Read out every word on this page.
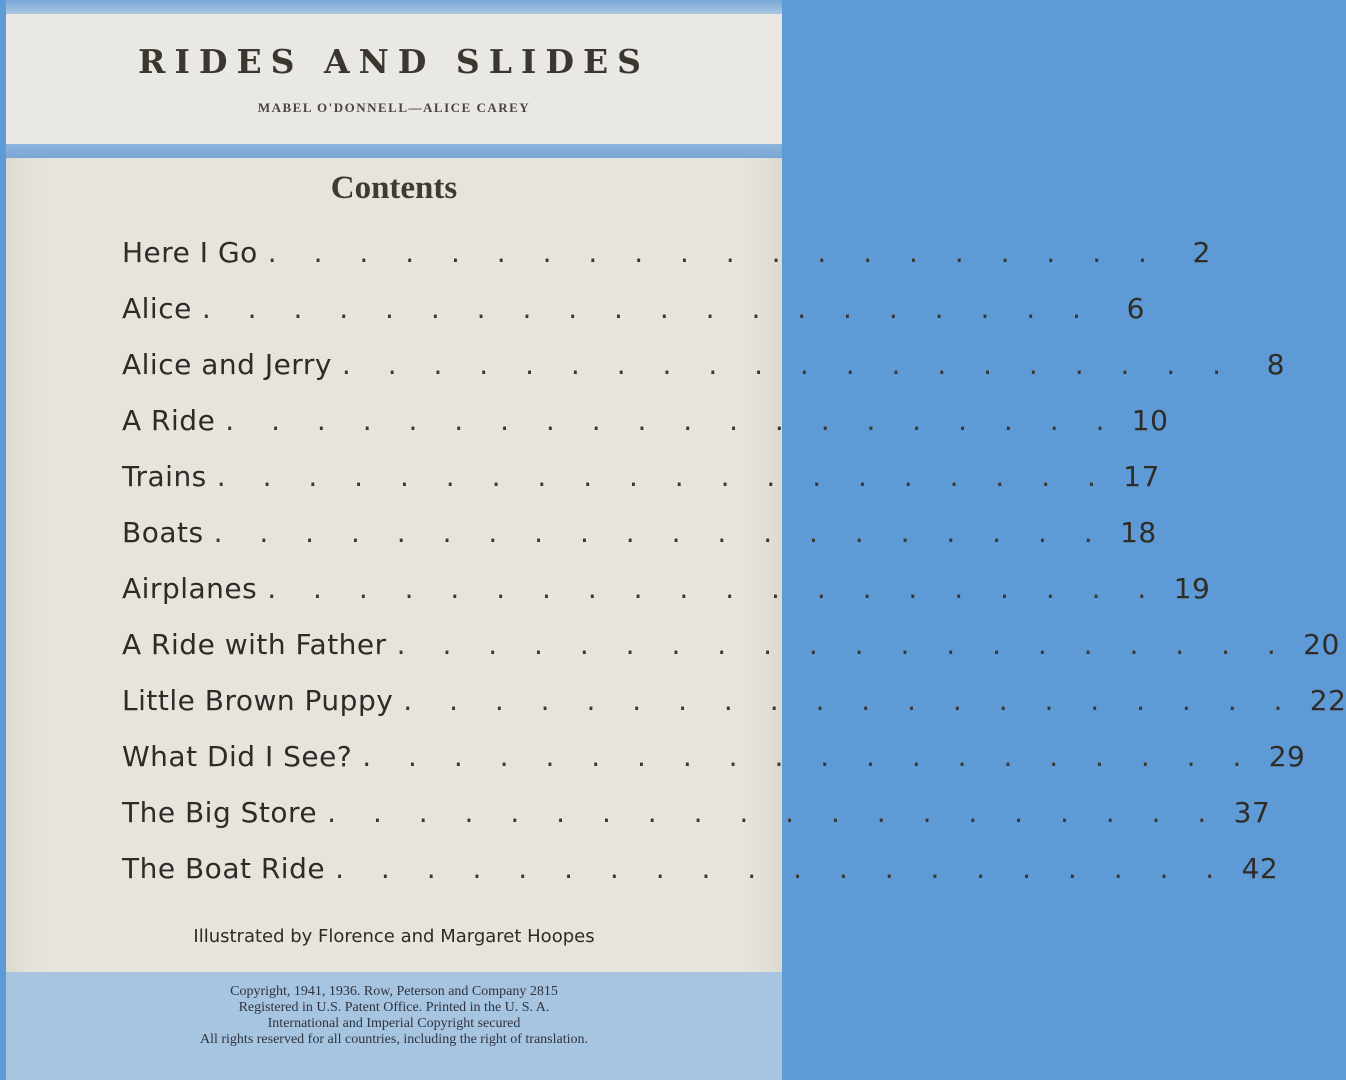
RIDES AND SLIDES
MABEL O'DONNELL—ALICE CAREY
Contents
Here I Go . . . . . . . . . . . . . . . . . . . .	2
Alice . . . . . . . . . . . . . . . . . . . .	6
Alice and Jerry . . . . . . . . . . . . . . . . . . . .	8
A Ride . . . . . . . . . . . . . . . . . . . . 10
Trains . . . . . . . . . . . . . . . . . . . . 17
Boats . . . . . . . . . . . . . . . . . . . . 18
Airplanes . . . . . . . . . . . . . . . . . . . . 19
A Ride with Father . . . . . . . . . . . . . . . . . . . . 20
Little Brown Puppy . . . . . . . . . . . . . . . . . . . . 22
What Did I See? . . . . . . . . . . . . . . . . . . . . 29
The Big Store . . . . . . . . . . . . . . . . . . . . 37
The Boat Ride . . . . . . . . . . . . . . . . . . . . 42
Illustrated by Florence and Margaret Hoopes
Copyright, 1941, 1936. Row, Peterson and Company 2815
Registered in U.S. Patent Office. Printed in the U. S. A.
International and Imperial Copyright secured
All rights reserved for all countries, including the right of translation.
